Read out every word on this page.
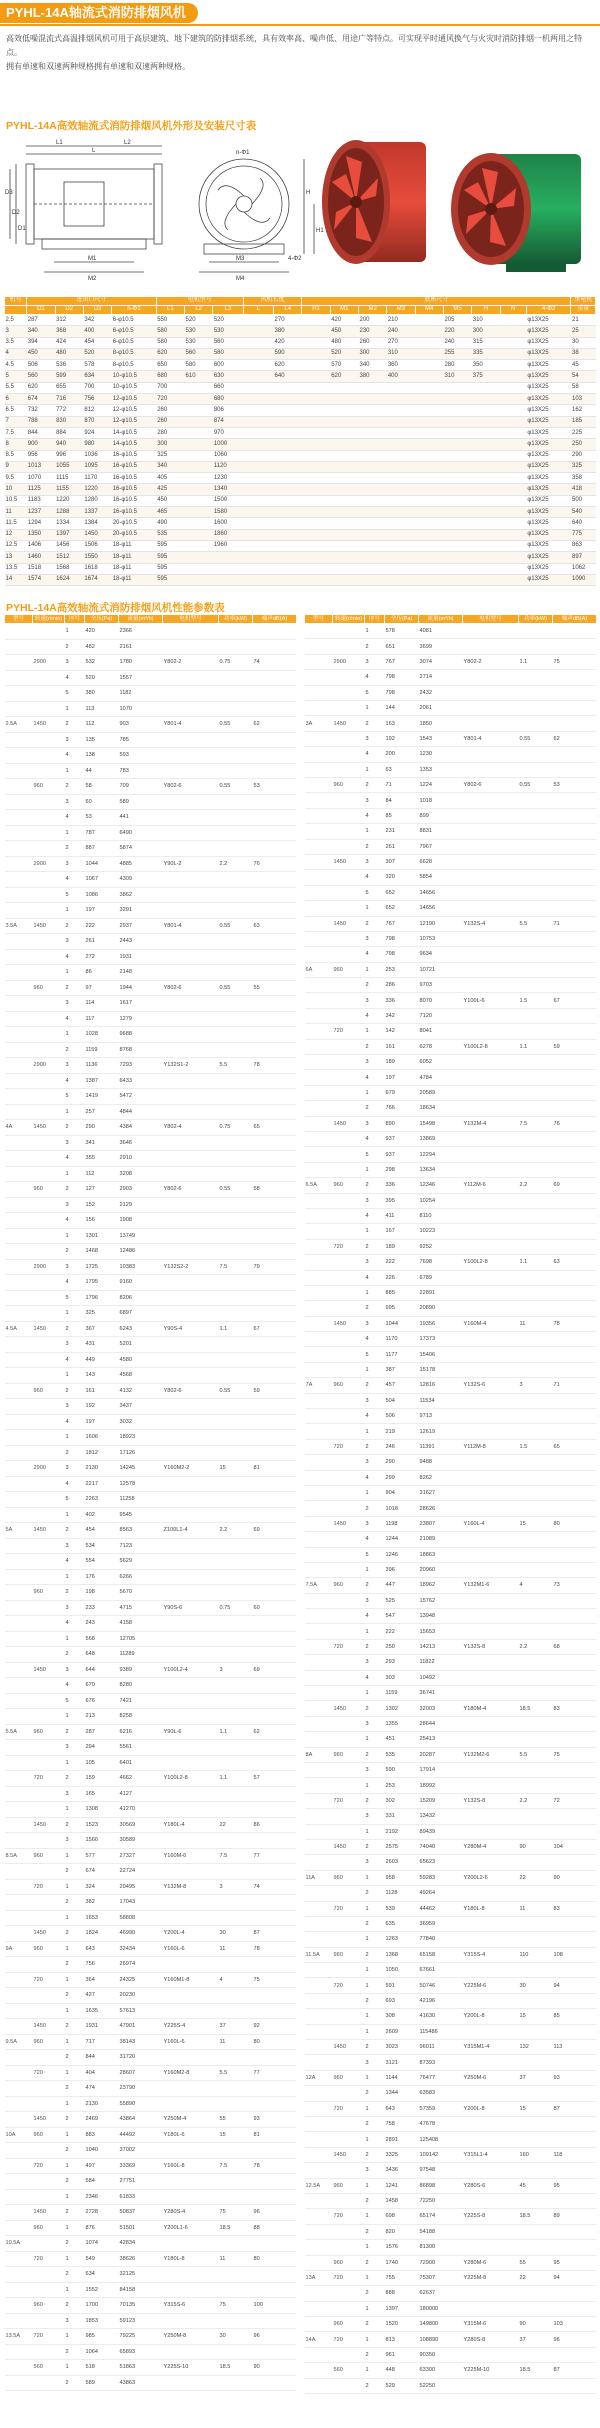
PYHL-14A轴流式消防排烟风机

高效低噪混流式高温排烟风机可用于高层建筑、地下建筑的防排烟系统，具有效率高、噪声低、用途广等特点。可实现平时通风换气与火灾时消防排烟一机两用之特点。

拥有单速和双速两种规格拥有单速和双速两种规格。

PYHL-14A高效轴流式消防排烟风机外形及安装尺寸表
L1
L
L2
D3
D2
D1
n-Φ1
M1
M2
M3
M4
4-Φ2
H1
H
机号	进出口尺寸				电机型号			风机长度		底座尺寸									单电机
	D1	D2	D3	n-Φ1	L1	L2	L3	L	L4	H1	M1	M2	M3	M4	M5	H	N	4-Φ2	重量
2.5	287	312	342	6-φ10.5	550	520	520		270		420	200	210		205	310		φ13X25	21
3	340	368	400	6-φ10.5	580	530	530		380		450	230	240		220	300		φ13X25	25
3.5	394	424	454	6-φ10.5	580	530	560		420		480	260	270		240	315		φ13X25	30
4	450	480	520	8-φ10.5	620	560	580		590		520	300	310		255	335		φ13X25	38
4.5	506	536	578	8-φ10.5	650	580	600		620		570	340	360		280	350		φ13X25	45
5	560	599	634	10-φ10.5	680	610	630		640		620	380	400		310	375		φ13X25	54
5.5	620	655	700	10-φ10.5	700		660											φ13X25	58
6	674	716	756	12-φ10.5	720		680											φ13X25	103
6.5	732	772	812	12-φ10.5	260		806											φ13X25	162
7	788	830	870	12-φ10.5	260		874											φ13X25	185
7.5	844	884	924	14-φ10.5	280		970											φ13X25	225
8	900	940	980	14-φ10.5	300		1000											φ13X25	250
8.5	956	996	1036	16-φ10.5	325		1060											φ13X25	290
9	1013	1055	1095	16-φ10.5	340		1120											φ13X25	325
9.5	1070	1115	1170	16-φ10.5	405		1230											φ13X25	358
10	1125	1155	1220	16-φ10.5	425		1340											φ13X25	418
10.5	1183	1220	1280	16-φ10.5	450		1500											φ13X25	500
11	1237	1288	1337	16-φ10.5	465		1580											φ13X25	540
11.5	1294	1334	1384	20-φ10.5	490		1600											φ13X25	640
12	1350	1397	1450	20-φ10.5	535		1860											φ13X25	775
12.5	1406	1456	1506	18-φ11	595		1960											φ13X25	863
13	1460	1512	1550	18-φ11	595													φ13X25	897
13.5	1518	1568	1618	18-φ11	595													φ13X25	1062
14	1574	1624	1674	18-φ11	595													φ13X25	1090
PYHL-14A高效轴流式消防排烟风机性能参数表
型号	转速(r/min)	序号	全压(Pa)	流量(m³/h)	电机型号	功率(kW)	噪声dB(A)
		1	420	2366			
		2	482	2161			
	2900	3	532	1780	Y802-2	0.75	74
		4	520	1557			
		5	380	1182			
		1	113	1070			
2.5A	1450	2	112	903	Y801-4	0.55	62
		3	135	785			
		4	138	593			
		1	44	783			
	960	2	58	709	Y802-6	0.55	53
		3	60	589			
		4	53	441			
		1	787	6490			
		2	887	5874			
	2900	3	1044	4885	Y90L-2	2.2	76
		4	1067	4309			
		5	1086	3862			
		1	197	3291			
3.5A	1450	2	222	2937	Y801-4	0.55	63
		3	261	2443			
		4	272	1931			
		1	86	2148			
	960	2	97	1944	Y802-6	0.55	55
		3	114	1617			
		4	117	1279			
		1	1028	9688			
		2	1159	8768			
	2900	3	1136	7293	Y132S1-2	5.5	78
		4	1387	6433			
		5	1419	5472			
		1	257	4844			
4A	1450	2	290	4384	Y802-4	0.75	65
		3	341	3646			
		4	355	2910			
		1	112	3208			
	960	2	127	2903	Y802-6	0.55	58
		3	152	2129			
		4	156	1908			
		1	1301	13749			
		2	1468	12486			
	2900	3	1725	10383	Y132S2-2	7.5	79
		4	1795	9160			
		5	1796	8206			
		1	325	6897			
4.5A	1450	2	367	6243	Y90S-4	1.1	67
		3	431	5201			
		4	449	4580			
		1	143	4568			
	960	2	161	4132	Y802-6	0.55	59
		3	192	3437			
		4	197	3032			
		1	1606	18923			
		2	1812	17126			
	2900	3	2130	14245	Y160M2-2	15	81
		4	2217	12578			
		5	2263	11258			
		1	402	9545			
5A	1450	2	454	8563	Z100L1-4	2.2	69
		3	534	7123			
		4	554	5629			
		1	176	6266			
	960	2	198	5670			
		3	233	4715	Y90S-6	0.75	60
		4	243	4158			
		1	568	12705			
		2	648	11289			
	1450	3	644	9389	Y100L2-4	3	69
		4	670	8280			
		5	676	7421			
		1	213	8258			
5.5A	960	2	287	6216	Y90L-6	1.1	62
		3	294	5561			
		1	105	6401			
	720	2	159	4662	Y100L2-8	1.1	57
		3	165	4127			
		1	1308	41270			
	1450	2	1523	30569	Y180L-4	22	86
		3	1566	30589			
8.5A	960	1	577	27327	Y160M-6	7.5	77
		2	674	22724			
	720	1	324	20495	Y132M-8	3	74
		2	382	17043			
		1	1653	58808			
	1450	2	1824	46990	Y200L-4	30	87
9A	960	1	643	32434	Y160L-6	11	78
		2	756	26974			
	720	1	364	24325	Y160M1-8	4	75
		2	427	20230			
		1	1635	57613			
	1450	2	1931	47901	Y225S-4	37	92
9.5A	960	1	717	38143	Y160L-6	11	80
		2	844	31720			
	720	1	404	28607	Y160M2-8	5.5	77
		2	474	23790			
		1	2130	55890			
	1450	2	2469	43864	Y250M-4	55	93
10A	960	1	883	44492	Y180L-6	15	81
		2	1040	37002			
	720	1	497	33369	Y160L-8	7.5	78
		2	584	27751			
		1	2346	61833			
	1450	2	2728	50837	Y280S-4	75	96
	960	1	876	51501	Y200L1-6	18.5	88
10.5A		2	1074	42834			
	720	1	549	38626	Y180L-8	11	80
		2	634	32125			
		1	1552	84158			
	960	2	1700	70135	Y315S-6	75	100
		3	1853	59123			
13.5A	720	1	985	79225	Y250M-8	30	96
		2	1064	65893			
	560	1	518	51863	Y225S-10	18.5	90
		2	589	43863			
型号	转速(r/min)	序号	全压(Pa)	流量(m³/h)	电机型号	功率(kW)	噪声dB(A)
		1	578	4081			
		2	651	3699			
	2900	3	767	3074	Y802-2	1.1	75
		4	798	2714			
		5	798	2432			
		1	144	2061			
3A	1450	2	163	1850			
		3	192	1543	Y801-4	0.55	62
		4	200	1230			
		1	63	1353			
	960	2	71	1224	Y802-6	0.55	53
		3	84	1018			
		4	85	899			
		1	231	8831			
		2	261	7967			
	1450	3	307	6628			
		4	320	5854			
		5	652	14656			
		1	652	14656			
	1450	2	767	12190	Y132S-4	5.5	71
		3	798	10753			
		4	798	9634			
6A	960	1	253	10721			
		2	286	9703			
		3	336	8070	Y100L-6	1.5	67
		4	342	7120			
	720	1	142	8041			
		2	161	6278	Y100L2-8	1.1	59
		3	189	6052			
		4	197	4784			
		1	679	20589			
		2	766	18634			
	1450	3	890	15498	Y132M-4	7.5	76
		4	937	13869			
		5	937	12294			
		1	298	13634			
6.5A	960	2	336	12346	Y112M-6	2.2	69
		3	395	10254			
		4	411	8110			
		1	167	10223			
	720	2	189	9252			
		3	222	7698	Y100L2-8	1.1	63
		4	226	6789			
		1	885	22891			
		2	995	20890			
	1450	3	1044	19356	Y160M-4	11	78
		4	1170	17373			
		5	1177	15406			
		1	387	15178			
7A	960	2	457	12816	Y132S-6	3	71
		3	504	11534			
		4	506	9713			
		1	219	12619			
	720	2	246	11391	Y112M-8	1.5	65
		3	290	9488			
		4	299	8262			
		1	904	31627			
		2	1018	28626			
	1450	3	1198	23807	Y160L-4	15	80
		4	1244	21089			
		5	1246	18863			
		1	396	20960			
7.5A	960	2	447	18962	Y132M1-6	4	73
		3	525	15762			
		4	547	13948			
		1	222	15653			
	720	2	250	14213	Y132S-8	2.2	68
		3	293	11822			
		4	303	10492			
		1	1159	36741			
	1450	2	1302	32003	Y180M-4	18.5	83
		3	1355	28644			
		1	451	25413			
8A	960	2	535	20287	Y132M2-6	5.5	75
		3	590	17914			
		1	253	18992			
	720	2	302	15209	Y132S-8	2.2	72
		3	331	13432			
		1	2192	89439			
	1450	2	2575	74040	Y280M-4	90	104
		3	2603	65623			
11A	960	1	958	59283	Y200L2-6	22	90
		2	1128	49264			
	720	1	539	44462	Y180L-8	11	83
		2	635	36959			
		1	1263	77840			
11.5A	960	2	1368	65158	Y315S-4	110	108
		1	1050	67661			
	720	1	591	50746	Y225M-6	30	94
		2	693	42196			
		1	308	41630	Y200L-8	15	85
		1	2609	115486			
	1450	2	3023	96011	Y315M1-4	132	113
		3	3121	87393			
12A	960	1	1144	76477	Y250M-6	37	93
		2	1344	63583			
	720	1	643	57359	Y200L-8	15	87
		2	758	47678			
		1	2891	125408			
	1450	2	3325	109142	Y315L1-4	160	118
		3	3436	97548			
12.5A	960	1	1241	86898	Y280S-6	45	95
		2	1458	72250			
	720	1	698	65174	Y225S-8	18.5	89
		2	820	54188			
		1	1576	81300			
	960	2	1740	72900	Y280M-6	55	95
13A	720	1	755	75307	Y225M-8	22	94
		2	888	62637			
		1	1397	180000			
	960	2	1520	149800	Y315M-6	90	103
14A	720	1	813	108890	Y280S-8	37	96
		2	961	90350			
	560	1	448	63300	Y225M-10	18.5	87
		2	529	52250			
